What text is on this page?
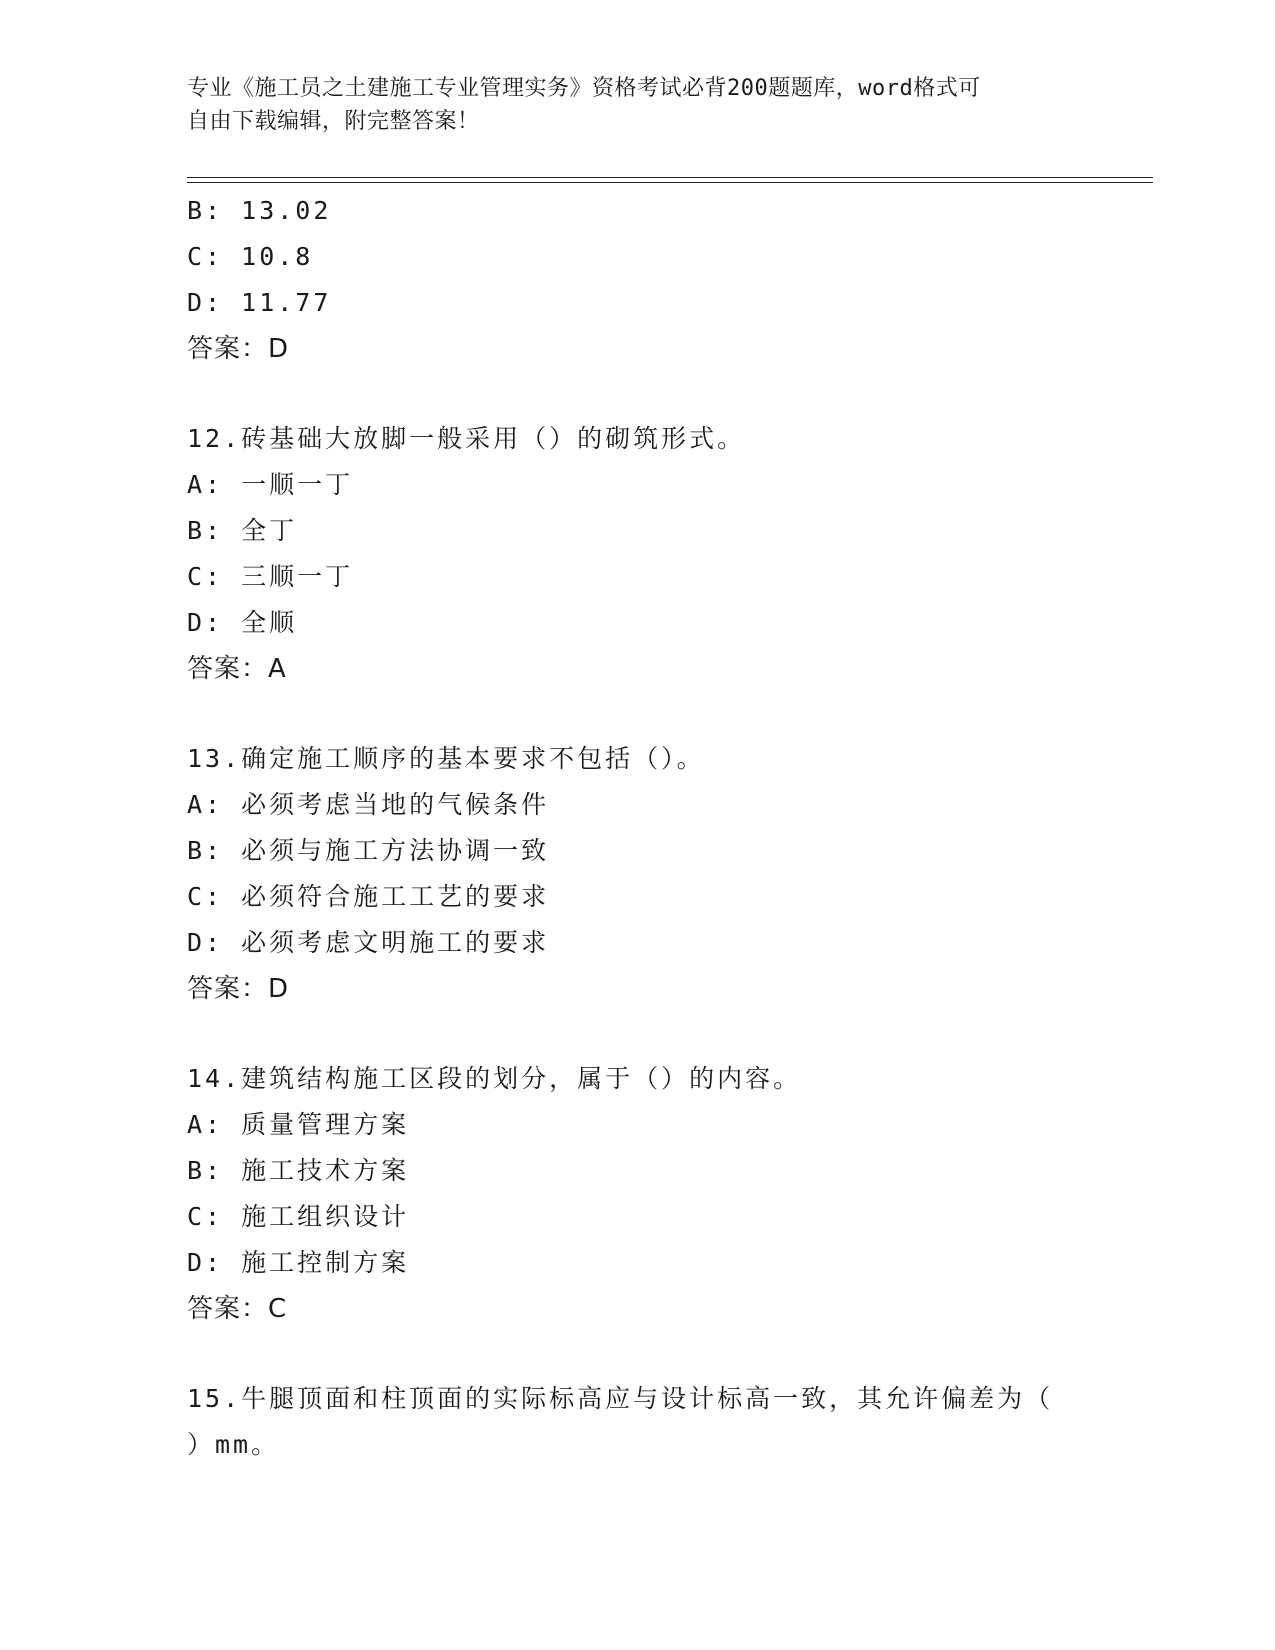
专业《施工员之土建施工专业管理实务》资格考试必背200题题库，word格式可
自由下载编辑，附完整答案！
B: 13.02
C: 10.8
D: 11.77
答案：D
12.砖基础大放脚一般采用（）的砌筑形式。
A: 一顺一丁
B: 全丁
C: 三顺一丁
D: 全顺
答案：A
13.确定施工顺序的基本要求不包括（）。
A: 必须考虑当地的气候条件
B: 必须与施工方法协调一致
C: 必须符合施工工艺的要求
D: 必须考虑文明施工的要求
答案：D
14.建筑结构施工区段的划分，属于（）的内容。
A: 质量管理方案
B: 施工技术方案
C: 施工组织设计
D: 施工控制方案
答案：C
15.牛腿顶面和柱顶面的实际标高应与设计标高一致，其允许偏差为（
）mm。
